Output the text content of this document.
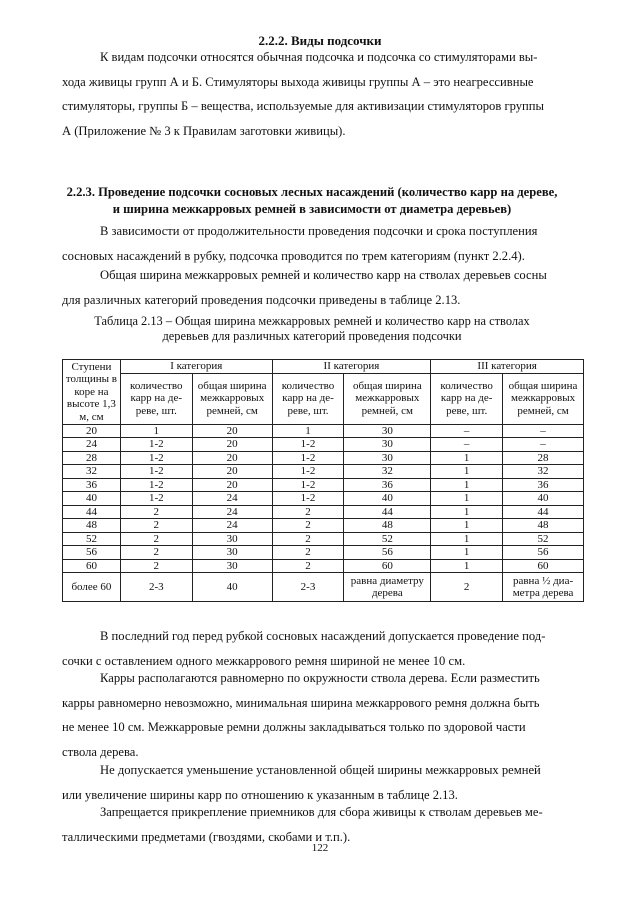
2.2.2. Виды подсочки

К видам подсочки относятся обычная подсочка и подсочка со стимуляторами вы-
хода живицы групп А и Б. Стимуляторы выхода живицы группы А – это неагрессивные
стимуляторы, группы Б – вещества, используемые для активизации стимуляторов группы
А (Приложение № 3 к Правилам заготовки живицы).

2.2.3. Проведение подсочки сосновых лесных насаждений (количество карр на дереве,
и ширина межкарровых ремней в зависимости от диаметра деревьев)

В зависимости от продолжительности проведения подсочки и срока поступления
сосновых насаждений в рубку, подсочка проводится по трем категориям (пункт 2.2.4).

Общая ширина межкарровых ремней и количество карр на стволах деревьев сосны
для различных категорий проведения подсочки приведены в таблице 2.13.

Таблица 2.13 – Общая ширина межкарровых ремней и количество карр на стволах
деревьев для различных категорий проведения подсочки

Ступени толщины в коре на высоте 1,3 м, см	I категория		II категория		III категория	
	количество карр на де-реве, шт.	общая ширина межкарровых ремней, см	количество карр на де-реве, шт.	общая ширина межкарровых ремней, см	количество карр на де-реве, шт.	общая ширина межкарровых ремней, см
20	1	20	1	30	–	–
24	1-2	20	1-2	30	–	–
28	1-2	20	1-2	30	1	28
32	1-2	20	1-2	32	1	32
36	1-2	20	1-2	36	1	36
40	1-2	24	1-2	40	1	40
44	2	24	2	44	1	44
48	2	24	2	48	1	48
52	2	30	2	52	1	52
56	2	30	2	56	1	56
60	2	30	2	60	1	60
более 60	2-3	40	2-3	равна диаметру дерева	2	равна ½ диа-метра дерева

В последний год перед рубкой сосновых насаждений допускается проведение под-
сочки с оставлением одного межкаррового ремня шириной не менее 10 см.

Карры располагаются равномерно по окружности ствола дерева. Если разместить
карры равномерно невозможно, минимальная ширина межкаррового ремня должна быть
не менее 10 см. Межкарровые ремни должны закладываться только по здоровой части
ствола дерева.

Не допускается уменьшение установленной общей ширины межкарровых ремней
или увеличение ширины карр по отношению к указанным в таблице 2.13.

Запрещается прикрепление приемников для сбора живицы к стволам деревьев ме-
таллическими предметами (гвоздями, скобами и т.п.).

122
